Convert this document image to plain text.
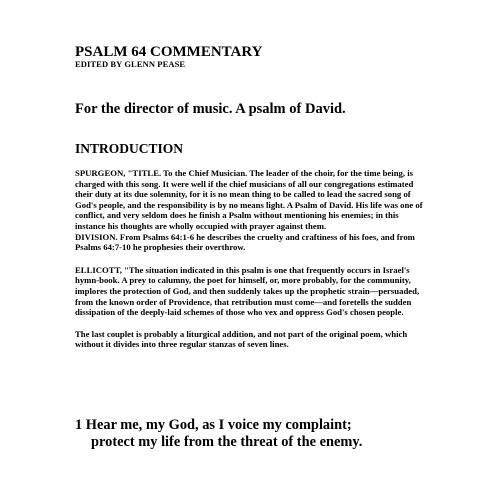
PSALM 64 COMMENTARY

EDITED BY GLENN PEASE

For the director of music. A psalm of David.

INTRODUCTION

SPURGEON, "TITLE. To the Chief Musician. The leader of the choir, for the time being, is charged with this song. It were well if the chief musicians of all our congregations estimated their duty at its due solemnity, for it is no mean thing to be called to lead the sacred song of God's people, and the responsibility is by no means light. A Psalm of David. His life was one of conflict, and very seldom does he finish a Psalm without mentioning his enemies; in this instance his thoughts are wholly occupied with prayer against them.

DIVISION. From Psalms 64:1-6 he describes the cruelty and craftiness of his foes, and from Psalms 64:7-10 he prophesies their overthrow.

ELLICOTT, "The situation indicated in this psalm is one that frequently occurs in Israel's hymn-book. A prey to calumny, the poet for himself, or, more probably, for the community, implores the protection of God, and then suddenly takes up the prophetic strain—persuaded, from the known order of Providence, that retribution must come—and foretells the sudden dissipation of the deeply-laid schemes of those who vex and oppress God's chosen people.

The last couplet is probably a liturgical addition, and not part of the original poem, which without it divides into three regular stanzas of seven lines.

1 Hear me, my God, as I voice my complaint;

protect my life from the threat of the enemy.
